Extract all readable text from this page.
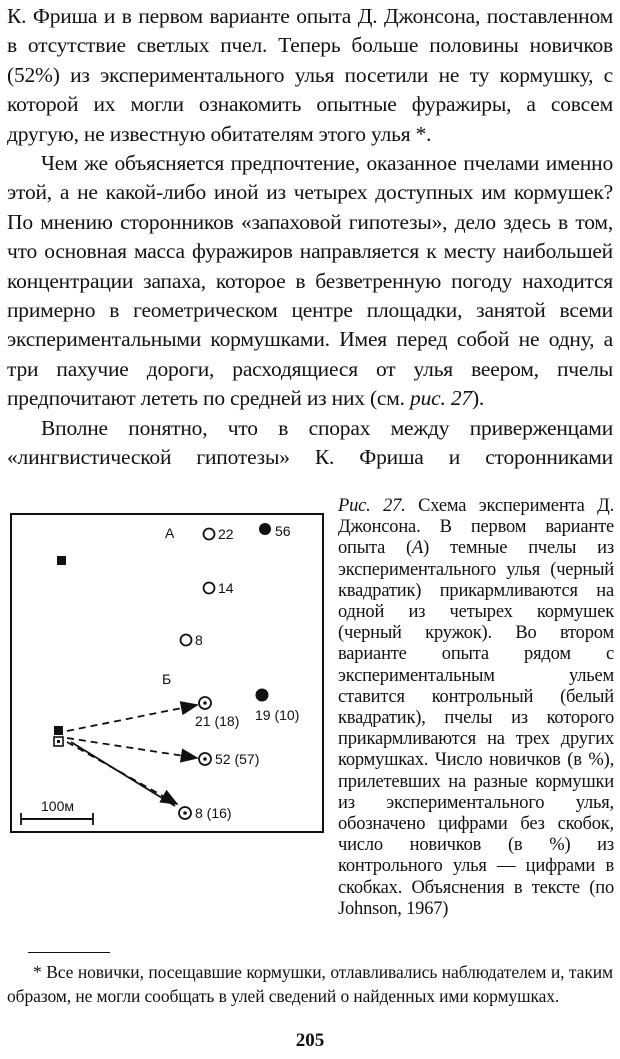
К. Фриша и в первом варианте опыта Д. Джонсона, поставленном в отсутствие светлых пчел. Теперь больше половины новичков (52%) из экспериментального улья посетили не ту кормушку, с которой их могли ознакомить опытные фуражиры, а совсем другую, не известную обитателям этого улья *.

Чем же объясняется предпочтение, оказанное пчелами именно этой, а не какой-либо иной из четырех доступных им кормушек? По мнению сторонников «запаховой гипотезы», дело здесь в том, что основная масса фуражиров направляется к месту наибольшей концентрации запаха, которое в безветренную погоду находится примерно в геометрическом центре площадки, занятой всеми экспериментальными кормушками. Имея перед собой не одну, а три пахучие дороги, расходящиеся от улья веером, пчелы предпочитают лететь по средней из них (см. рис. 27).

Вполне понятно, что в спорах между приверженцами «лингвистической гипотезы» К. Фриша и сторонниками

А	22	56
14
8
Б
21 (18) 19 (10)
52 (57)
8 (16)
100м
Рис. 27. Схема эксперимента Д. Джонсона. В первом варианте опыта (А) темные пчелы из экспериментального улья (черный квадратик) прикармливаются на одной из четырех кормушек (черный кружок). Во втором варианте опыта рядом с экспериментальным ульем ставится контрольный (белый квадратик), пчелы из которого прикармливаются на трех других кормушках. Число новичков (в %), прилетевших на разные кормушки из экспериментального улья, обозначено цифрами без скобок, число новичков (в %) из контрольного улья — цифрами в скобках. Объяснения в тексте (по Johnson, 1967)
* Все новички, посещавшие кормушки, отлавливались наблюдателем и, таким образом, не могли сообщать в улей сведений о найденных ими кормушках.
205
